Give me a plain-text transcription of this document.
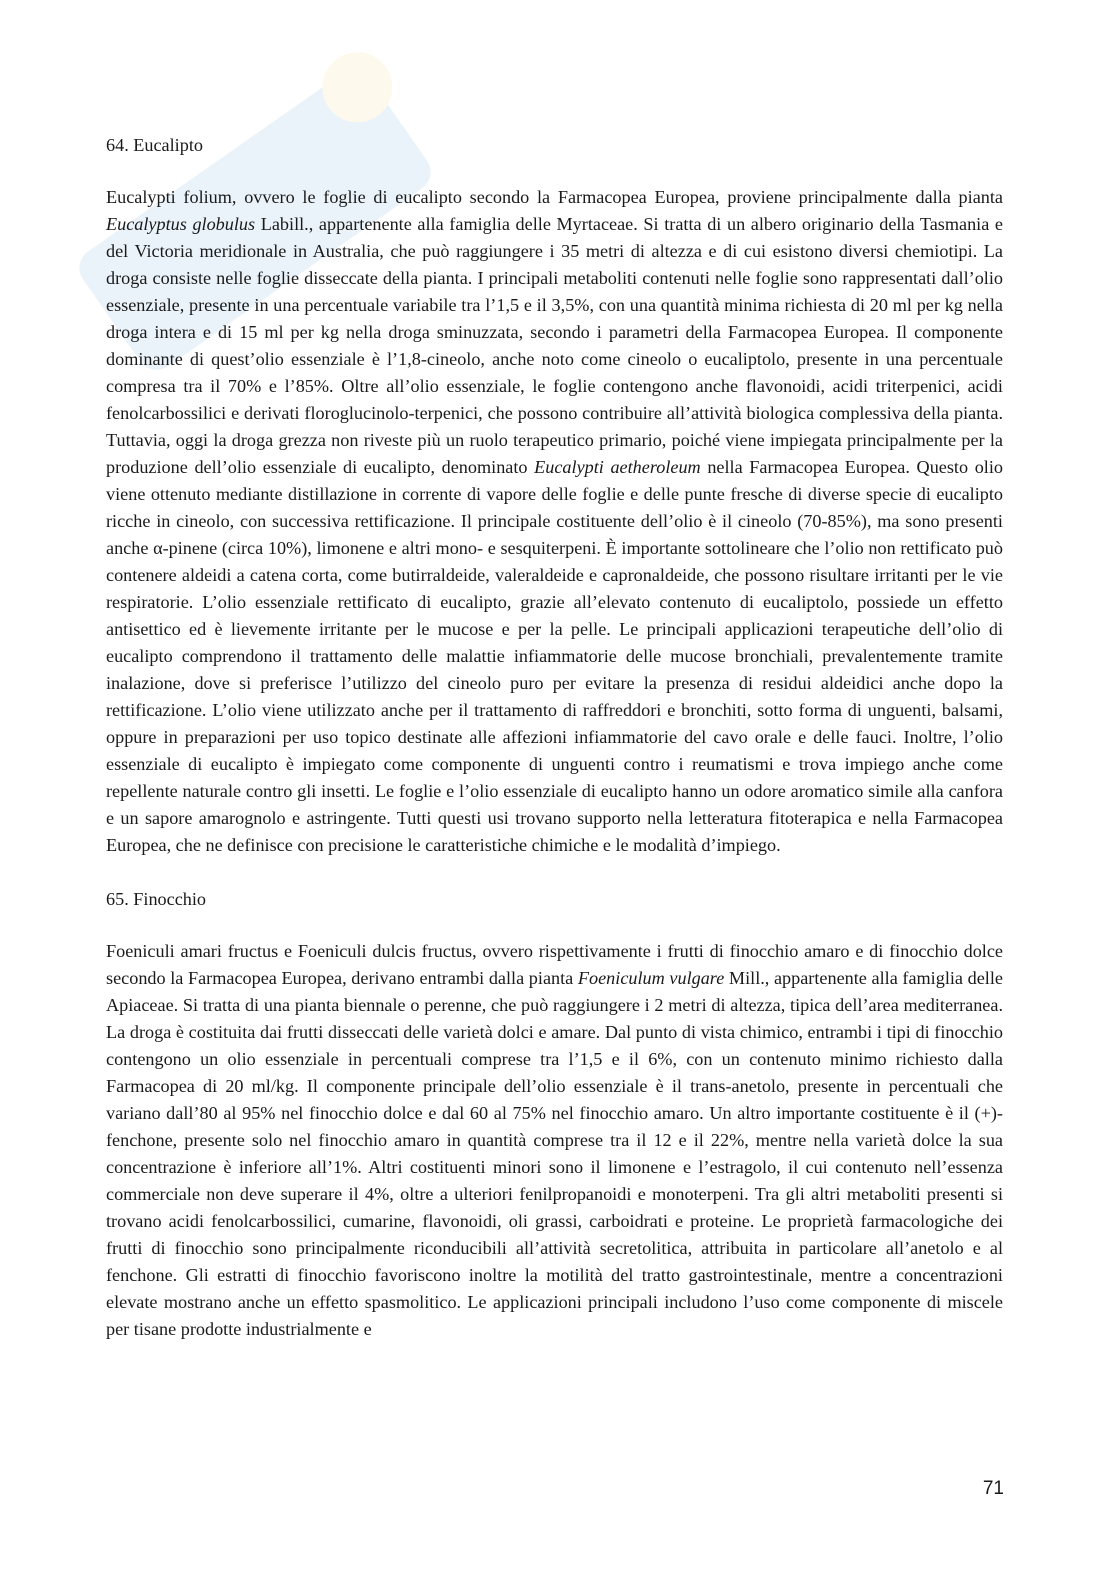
64. Eucalipto
Eucalypti folium, ovvero le foglie di eucalipto secondo la Farmacopea Europea, proviene principalmente dalla pianta Eucalyptus globulus Labill., appartenente alla famiglia delle Myrtaceae. Si tratta di un albero originario della Tasmania e del Victoria meridionale in Australia, che può raggiungere i 35 metri di altezza e di cui esistono diversi chemiotipi. La droga consiste nelle foglie disseccate della pianta. I principali metaboliti contenuti nelle foglie sono rappresentati dall’olio essenziale, presente in una percentuale variabile tra l’1,5 e il 3,5%, con una quantità minima richiesta di 20 ml per kg nella droga intera e di 15 ml per kg nella droga sminuzzata, secondo i parametri della Farmacopea Europea. Il componente dominante di quest’olio essenziale è l’1,8-cineolo, anche noto come cineolo o eucaliptolo, presente in una percentuale compresa tra il 70% e l’85%. Oltre all’olio essenziale, le foglie contengono anche flavonoidi, acidi triterpenici, acidi fenolcarbossilici e derivati floroglucinolo-terpenici, che possono contribuire all’attività biologica complessiva della pianta. Tuttavia, oggi la droga grezza non riveste più un ruolo terapeutico primario, poiché viene impiegata principalmente per la produzione dell’olio essenziale di eucalipto, denominato Eucalypti aetheroleum nella Farmacopea Europea. Questo olio viene ottenuto mediante distillazione in corrente di vapore delle foglie e delle punte fresche di diverse specie di eucalipto ricche in cineolo, con successiva rettificazione. Il principale costituente dell’olio è il cineolo (70-85%), ma sono presenti anche α-pinene (circa 10%), limonene e altri mono- e sesquiterpeni. È importante sottolineare che l’olio non rettificato può contenere aldeidi a catena corta, come butirraldeide, valeraldeide e capronaldeide, che possono risultare irritanti per le vie respiratorie. L’olio essenziale rettificato di eucalipto, grazie all’elevato contenuto di eucaliptolo, possiede un effetto antisettico ed è lievemente irritante per le mucose e per la pelle. Le principali applicazioni terapeutiche dell’olio di eucalipto comprendono il trattamento delle malattie infiammatorie delle mucose bronchiali, prevalentemente tramite inalazione, dove si preferisce l’utilizzo del cineolo puro per evitare la presenza di residui aldeidici anche dopo la rettificazione. L’olio viene utilizzato anche per il trattamento di raffreddori e bronchiti, sotto forma di unguenti, balsami, oppure in preparazioni per uso topico destinate alle affezioni infiammatorie del cavo orale e delle fauci. Inoltre, l’olio essenziale di eucalipto è impiegato come componente di unguenti contro i reumatismi e trova impiego anche come repellente naturale contro gli insetti. Le foglie e l’olio essenziale di eucalipto hanno un odore aromatico simile alla canfora e un sapore amarognolo e astringente. Tutti questi usi trovano supporto nella letteratura fitoterapica e nella Farmacopea Europea, che ne definisce con precisione le caratteristiche chimiche e le modalità d’impiego.
65. Finocchio
Foeniculi amari fructus e Foeniculi dulcis fructus, ovvero rispettivamente i frutti di finocchio amaro e di finocchio dolce secondo la Farmacopea Europea, derivano entrambi dalla pianta Foeniculum vulgare Mill., appartenente alla famiglia delle Apiaceae. Si tratta di una pianta biennale o perenne, che può raggiungere i 2 metri di altezza, tipica dell’area mediterranea. La droga è costituita dai frutti disseccati delle varietà dolci e amare. Dal punto di vista chimico, entrambi i tipi di finocchio contengono un olio essenziale in percentuali comprese tra l’1,5 e il 6%, con un contenuto minimo richiesto dalla Farmacopea di 20 ml/kg. Il componente principale dell’olio essenziale è il trans-anetolo, presente in percentuali che variano dall’80 al 95% nel finocchio dolce e dal 60 al 75% nel finocchio amaro. Un altro importante costituente è il (+)-fenchone, presente solo nel finocchio amaro in quantità comprese tra il 12 e il 22%, mentre nella varietà dolce la sua concentrazione è inferiore all’1%. Altri costituenti minori sono il limonene e l’estragolo, il cui contenuto nell’essenza commerciale non deve superare il 4%, oltre a ulteriori fenilpropanoidi e monoterpeni. Tra gli altri metaboliti presenti si trovano acidi fenolcarbossilici, cumarine, flavonoidi, oli grassi, carboidrati e proteine. Le proprietà farmacologiche dei frutti di finocchio sono principalmente riconducibili all’attività secretolitica, attribuita in particolare all’anetolo e al fenchone. Gli estratti di finocchio favoriscono inoltre la motilità del tratto gastrointestinale, mentre a concentrazioni elevate mostrano anche un effetto spasmolitico. Le applicazioni principali includono l’uso come componente di miscele per tisane prodotte industrialmente e
71
